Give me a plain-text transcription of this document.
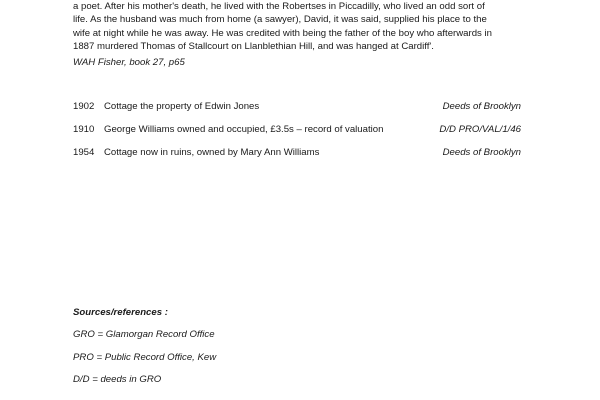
a poet. After his mother's death, he lived with the Robertses in Piccadilly, who lived an odd sort of
life. As the husband was much from home (a sawyer), David, it was said, supplied his place to the
wife at night while he was away. He was credited with being the father of the boy who afterwards in
1887 murdered Thomas of Stallcourt on Llanblethian Hill, and was hanged at Cardiff'.

WAH Fisher, book 27, p65
1902 Cottage the property of Edwin Jones	Deeds of Brooklyn
1910 George Williams owned and occupied, £3.5s – record of valuation	D/D PRO/VAL/1/46
1954 Cottage now in ruins, owned by Mary Ann Williams	Deeds of Brooklyn
Sources/references :
GRO = Glamorgan Record Office
PRO = Public Record Office, Kew
D/D = deeds in GRO
